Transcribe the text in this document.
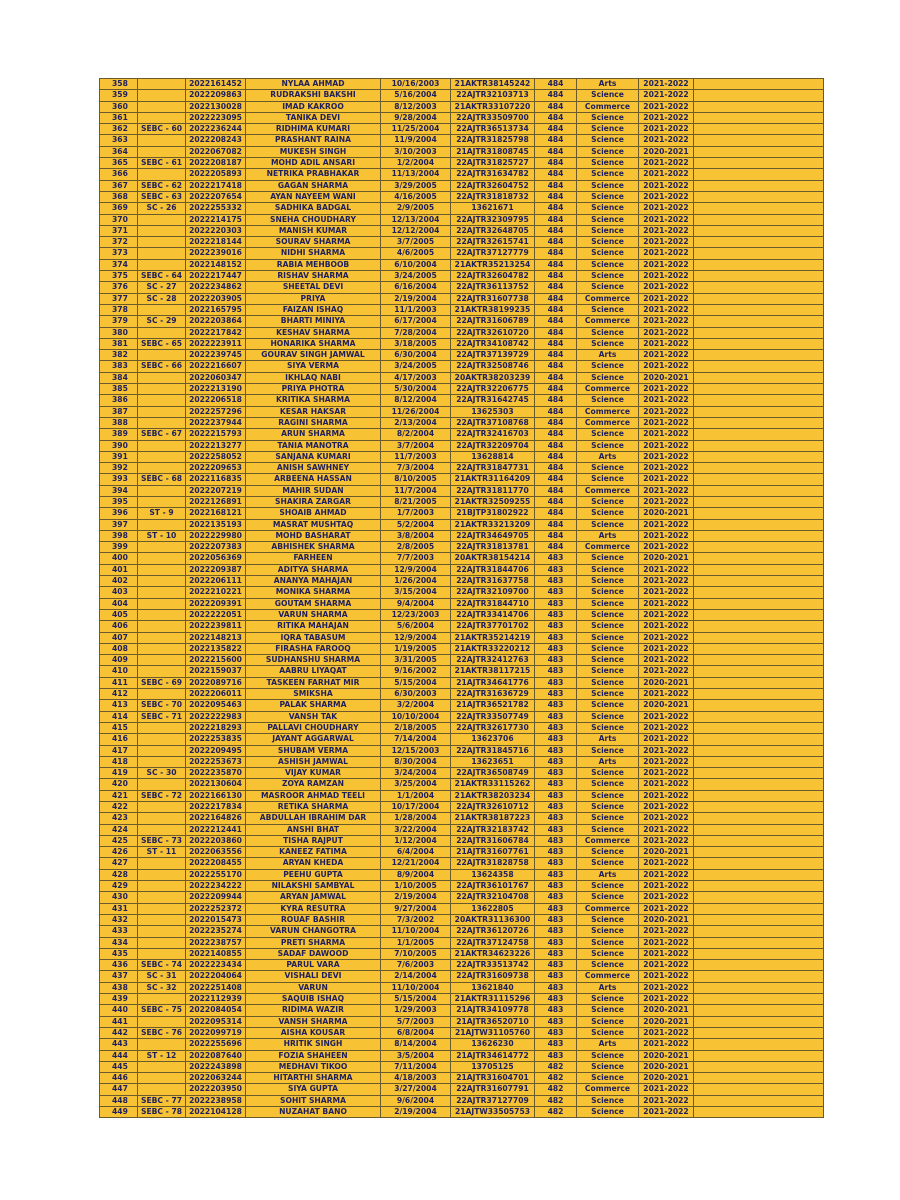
358		2022161452	NYLAA AHMAD	10/16/2003	21AKTR38145242	484	Arts	2021-2022	
359		2022209863	RUDRAKSHI BAKSHI	5/16/2004	22AJTR32103713	484	Science	2021-2022	
360		2022130028	IMAD KAKROO	8/12/2003	21AKTR33107220	484	Commerce	2021-2022	
361		2022223095	TANIKA DEVI	9/28/2004	22AJTR33509700	484	Science	2021-2022	
362	SEBC - 60	2022236244	RIDHIMA KUMARI	11/25/2004	22AJTR36513734	484	Science	2021-2022	
363		2022208243	PRASHANT RAINA	11/9/2004	22AJTR31825798	484	Science	2021-2022	
364		2022067082	MUKESH SINGH	3/10/2003	21AJTR31808745	484	Science	2020-2021	
365	SEBC - 61	2022208187	MOHD ADIL ANSARI	1/2/2004	22AJTR31825727	484	Science	2021-2022	
366		2022205893	NETRIKA PRABHAKAR	11/13/2004	22AJTR31634782	484	Science	2021-2022	
367	SEBC - 62	2022217418	GAGAN SHARMA	3/29/2005	22AJTR32604752	484	Science	2021-2022	
368	SEBC - 63	2022207654	AYAN NAYEEM WANI	4/16/2005	22AJTR31818732	484	Science	2021-2022	
369	SC - 26	2022255332	SADHIKA BADGAL	2/9/2005	13621671	484	Science	2021-2022	
370		2022214175	SNEHA CHOUDHARY	12/13/2004	22AJTR32309795	484	Science	2021-2022	
371		2022220303	MANISH KUMAR	12/12/2004	22AJTR32648705	484	Science	2021-2022	
372		2022218144	SOURAV SHARMA	3/7/2005	22AJTR32615741	484	Science	2021-2022	
373		2022239016	NIDHI SHARMA	4/6/2005	22AJTR37127779	484	Science	2021-2022	
374		2022148152	RABIA MEHBOOB	6/10/2004	21AKTR35213254	484	Science	2021-2022	
375	SEBC - 64	2022217447	RISHAV SHARMA	3/24/2005	22AJTR32604782	484	Science	2021-2022	
376	SC - 27	2022234862	SHEETAL DEVI	6/16/2004	22AJTR36113752	484	Science	2021-2022	
377	SC - 28	2022203905	PRIYA	2/19/2004	22AJTR31607738	484	Commerce	2021-2022	
378		2022165795	FAIZAN ISHAQ	11/1/2003	21AKTR38199235	484	Science	2021-2022	
379	SC - 29	2022203864	BHARTI MINIYA	6/17/2004	22AJTR31606789	484	Commerce	2021-2022	
380		2022217842	KESHAV SHARMA	7/28/2004	22AJTR32610720	484	Science	2021-2022	
381	SEBC - 65	2022223911	HONARIKA SHARMA	3/18/2005	22AJTR34108742	484	Science	2021-2022	
382		2022239745	GOURAV SINGH JAMWAL	6/30/2004	22AJTR37139729	484	Arts	2021-2022	
383	SEBC - 66	2022216607	SIYA VERMA	3/24/2005	22AJTR32508746	484	Science	2021-2022	
384		2022060347	IKHLAQ NABI	4/17/2003	20AKTR38203239	484	Science	2020-2021	
385		2022213190	PRIYA PHOTRA	5/30/2004	22AJTR32206775	484	Commerce	2021-2022	
386		2022206518	KRITIKA SHARMA	8/12/2004	22AJTR31642745	484	Science	2021-2022	
387		2022257296	KESAR HAKSAR	11/26/2004	13625303	484	Commerce	2021-2022	
388		2022237944	RAGINI SHARMA	2/13/2004	22AJTR37108768	484	Commerce	2021-2022	
389	SEBC - 67	2022215793	ARUN SHARMA	8/2/2004	22AJTR32416703	484	Science	2021-2022	
390		2022213277	TANIA MANOTRA	3/7/2004	22AJTR32209704	484	Science	2021-2022	
391		2022258052	SANJANA KUMARI	11/7/2003	13628814	484	Arts	2021-2022	
392		2022209653	ANISH SAWHNEY	7/3/2004	22AJTR31847731	484	Science	2021-2022	
393	SEBC - 68	2022116835	ARBEENA HASSAN	8/10/2005	21AKTR31164209	484	Science	2021-2022	
394		2022207219	MAHIR SUDAN	11/7/2004	22AJTR31811770	484	Commerce	2021-2022	
395		2022126891	SHAKIRA ZARGAR	8/21/2005	21AKTR32509255	484	Science	2021-2022	
396	ST - 9	2022168121	SHOAIB AHMAD	1/7/2003	21BJTP31802922	484	Science	2020-2021	
397		2022135193	MASRAT MUSHTAQ	5/2/2004	21AKTR33213209	484	Science	2021-2022	
398	ST - 10	2022229980	MOHD BASHARAT	3/8/2004	22AJTR34649705	484	Arts	2021-2022	
399		2022207383	ABHISHEK SHARMA	2/8/2005	22AJTR31813781	484	Commerce	2021-2022	
400		2022056369	FARHEEN	7/7/2003	20AKTR38154214	483	Science	2020-2021	
401		2022209387	ADITYA SHARMA	12/9/2004	22AJTR31844706	483	Science	2021-2022	
402		2022206111	ANANYA MAHAJAN	1/26/2004	22AJTR31637758	483	Science	2021-2022	
403		2022210221	MONIKA SHARMA	3/15/2004	22AJTR32109700	483	Science	2021-2022	
404		2022209391	GOUTAM SHARMA	9/4/2004	22AJTR31844710	483	Science	2021-2022	
405		2022222051	VARUN SHARMA	12/23/2003	22AJTR33414706	483	Science	2021-2022	
406		2022239811	RITIKA MAHAJAN	5/6/2004	22AJTR37701702	483	Science	2021-2022	
407		2022148213	IQRA TABASUM	12/9/2004	21AKTR35214219	483	Science	2021-2022	
408		2022135822	FIRASHA FAROOQ	1/19/2005	21AKTR33220212	483	Science	2021-2022	
409		2022215600	SUDHANSHU SHARMA	3/31/2005	22AJTR32412763	483	Science	2021-2022	
410		2022159037	AABRU LIYAQAT	9/16/2002	21AKTR38117215	483	Science	2021-2022	
411	SEBC - 69	2022089716	TASKEEN FARHAT MIR	5/15/2004	21AJTR34641776	483	Science	2020-2021	
412		2022206011	SMIKSHA	6/30/2003	22AJTR31636729	483	Science	2021-2022	
413	SEBC - 70	2022095463	PALAK SHARMA	3/2/2004	21AJTR36521782	483	Science	2020-2021	
414	SEBC - 71	2022222983	VANSH TAK	10/10/2004	22AJTR33507749	483	Science	2021-2022	
415		2022218293	PALLAVI CHOUDHARY	2/18/2005	22AJTR32617730	483	Science	2021-2022	
416		2022253835	JAYANT AGGARWAL	7/14/2004	13623706	483	Arts	2021-2022	
417		2022209495	SHUBAM VERMA	12/15/2003	22AJTR31845716	483	Science	2021-2022	
418		2022253673	ASHISH JAMWAL	8/30/2004	13623651	483	Arts	2021-2022	
419	SC - 30	2022235870	VIJAY KUMAR	3/24/2004	22AJTR36508749	483	Science	2021-2022	
420		2022130604	ZOYA RAMZAN	3/25/2004	21AKTR33115262	483	Science	2021-2022	
421	SEBC - 72	2022166130	MASROOR AHMAD TEELI	1/1/2004	21AKTR38203234	483	Science	2021-2022	
422		2022217834	RETIKA SHARMA	10/17/2004	22AJTR32610712	483	Science	2021-2022	
423		2022164826	ABDULLAH IBRAHIM DAR	1/28/2004	21AKTR38187223	483	Science	2021-2022	
424		2022212441	ANSHI BHAT	3/22/2004	22AJTR32183742	483	Science	2021-2022	
425	SEBC - 73	2022203860	TISHA RAJPUT	1/12/2004	22AJTR31606784	483	Commerce	2021-2022	
426	ST - 11	2022063556	KANEEZ FATIMA	6/4/2004	21AJTR31607761	483	Science	2020-2021	
427		2022208455	ARYAN KHEDA	12/21/2004	22AJTR31828758	483	Science	2021-2022	
428		2022255170	PEEHU GUPTA	8/9/2004	13624358	483	Arts	2021-2022	
429		2022234222	NILAKSHI SAMBYAL	1/10/2005	22AJTR36101767	483	Science	2021-2022	
430		2022209944	ARYAN JAMWAL	2/19/2004	22AJTR32104708	483	Science	2021-2022	
431		2022252372	KYRA RESUTRA	9/27/2004	13622805	483	Commerce	2021-2022	
432		2022015473	ROUAF BASHIR	7/3/2002	20AKTR31136300	483	Science	2020-2021	
433		2022235274	VARUN CHANGOTRA	11/10/2004	22AJTR36120726	483	Science	2021-2022	
434		2022238757	PRETI SHARMA	1/1/2005	22AJTR37124758	483	Science	2021-2022	
435		2022140855	SADAF DAWOOD	7/10/2005	21AKTR34623226	483	Science	2021-2022	
436	SEBC - 74	2022223434	PARUL VARA	7/6/2003	22AJTR33513742	483	Science	2021-2022	
437	SC - 31	2022204064	VISHALI DEVI	2/14/2004	22AJTR31609738	483	Commerce	2021-2022	
438	SC - 32	2022251408	VARUN	11/10/2004	13621840	483	Arts	2021-2022	
439		2022112939	SAQUIB ISHAQ	5/15/2004	21AKTR31115296	483	Science	2021-2022	
440	SEBC - 75	2022084054	RIDIMA WAZIR	1/29/2003	21AJTR34109778	483	Science	2020-2021	
441		2022095314	VANSH SHARMA	5/7/2003	21AJTR36520710	483	Science	2020-2021	
442	SEBC - 76	2022099719	AISHA KOUSAR	6/8/2004	21AJTW31105760	483	Science	2021-2022	
443		2022255696	HRITIK SINGH	8/14/2004	13626230	483	Arts	2021-2022	
444	ST - 12	2022087640	FOZIA SHAHEEN	3/5/2004	21AJTR34614772	483	Science	2020-2021	
445		2022243898	MEDHAVI TIKOO	7/11/2004	13705125	482	Science	2020-2021	
446		2022063244	HITARTHI SHARMA	4/18/2003	21AJTR31604701	482	Science	2020-2021	
447		2022203950	SIYA GUPTA	3/27/2004	22AJTR31607791	482	Commerce	2021-2022	
448	SEBC - 77	2022238958	SOHIT SHARMA	9/6/2004	22AJTR37127709	482	Science	2021-2022	
449	SEBC - 78	2022104128	NUZAHAT BANO	2/19/2004	21AJTW33505753	482	Science	2021-2022	
